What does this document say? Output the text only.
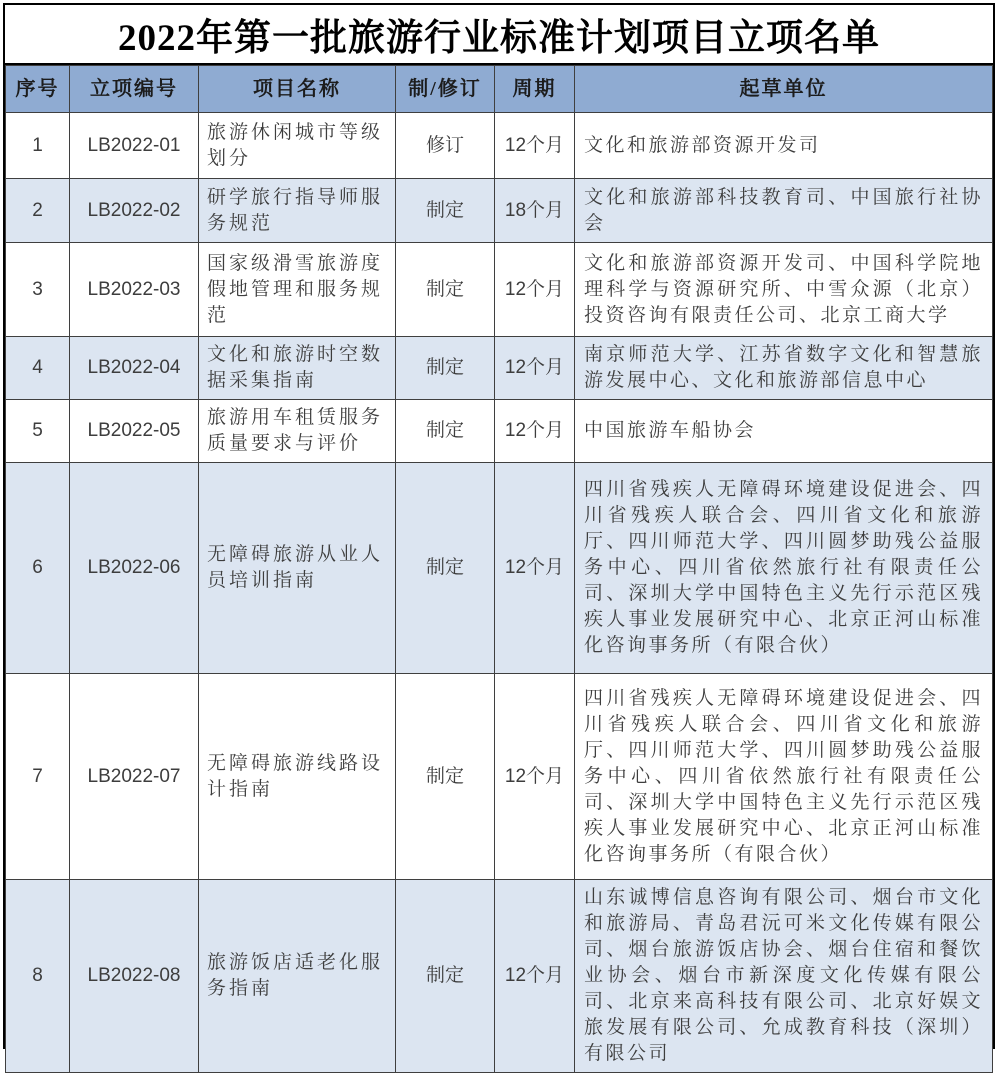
2022年第一批旅游行业标准计划项目立项名单
序号	立项编号	项目名称	制/修订	周期	起草单位
1	LB2022-01	旅游休闲城市等级划分	修订	12个月	文化和旅游部资源开发司
2	LB2022-02	研学旅行指导师服务规范	制定	18个月	文化和旅游部科技教育司、中国旅行社协会
3	LB2022-03	国家级滑雪旅游度假地管理和服务规范	制定	12个月	文化和旅游部资源开发司、中国科学院地理科学与资源研究所、中雪众源（北京）投资咨询有限责任公司、北京工商大学
4	LB2022-04	文化和旅游时空数据采集指南	制定	12个月	南京师范大学、江苏省数字文化和智慧旅游发展中心、文化和旅游部信息中心
5	LB2022-05	旅游用车租赁服务质量要求与评价	制定	12个月	中国旅游车船协会
6	LB2022-06	无障碍旅游从业人员培训指南	制定	12个月	四川省残疾人无障碍环境建设促进会、四川省残疾人联合会、四川省文化和旅游厅、四川师范大学、四川圆梦助残公益服务中心、四川省依然旅行社有限责任公司、深圳大学中国特色主义先行示范区残疾人事业发展研究中心、北京正河山标准化咨询事务所（有限合伙）
7	LB2022-07	无障碍旅游线路设计指南	制定	12个月	四川省残疾人无障碍环境建设促进会、四川省残疾人联合会、四川省文化和旅游厅、四川师范大学、四川圆梦助残公益服务中心、四川省依然旅行社有限责任公司、深圳大学中国特色主义先行示范区残疾人事业发展研究中心、北京正河山标准化咨询事务所（有限合伙）
8	LB2022-08	旅游饭店适老化服务指南	制定	12个月	山东诚博信息咨询有限公司、烟台市文化和旅游局、青岛君沅可米文化传媒有限公司、烟台旅游饭店协会、烟台住宿和餐饮业协会、烟台市新深度文化传媒有限公司、北京来高科技有限公司、北京好娱文旅发展有限公司、允成教育科技（深圳）有限公司
